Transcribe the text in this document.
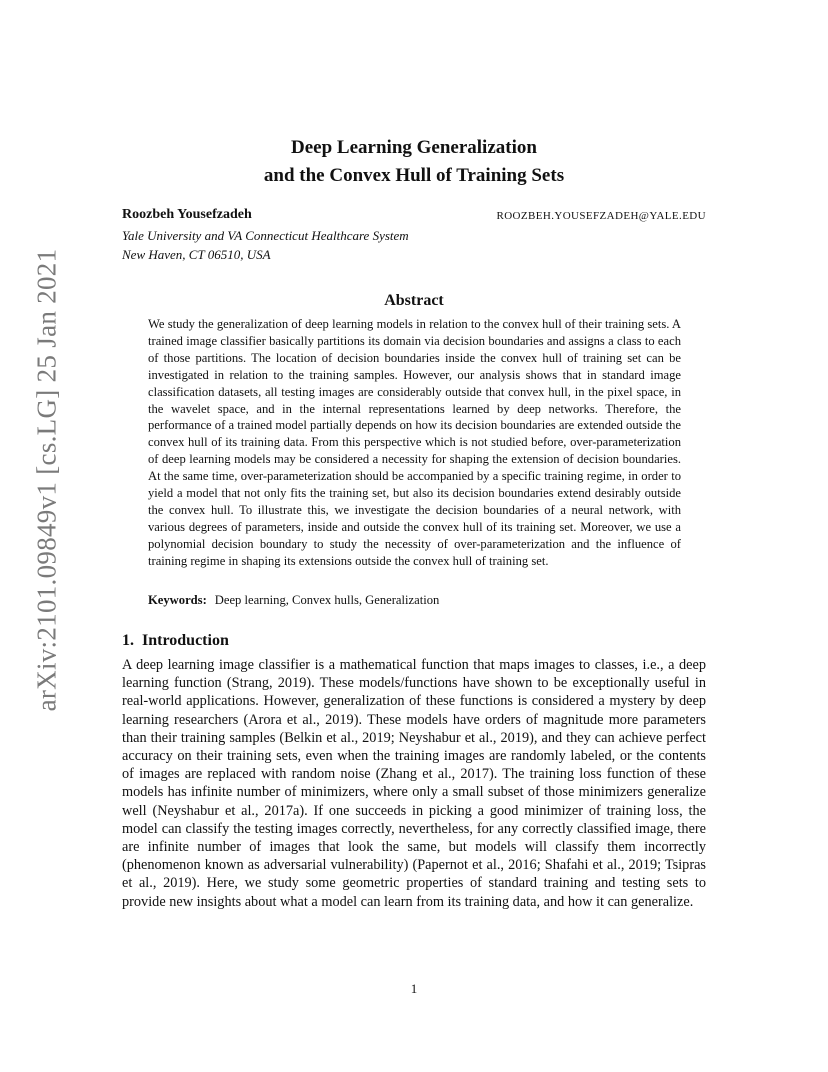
arXiv:2101.09849v1 [cs.LG] 25 Jan 2021
Deep Learning Generalization
and the Convex Hull of Training Sets
Roozbeh Yousefzadeh	ROOZBEH.YOUSEFZADEH@YALE.EDU
Yale University and VA Connecticut Healthcare System
New Haven, CT 06510, USA
Abstract

We study the generalization of deep learning models in relation to the convex hull of their training sets. A trained image classifier basically partitions its domain via decision boundaries and assigns a class to each of those partitions. The location of decision boundaries inside the convex hull of training set can be investigated in relation to the training samples. However, our analysis shows that in standard image classification datasets, all testing images are considerably outside that convex hull, in the pixel space, in the wavelet space, and in the internal representations learned by deep networks. Therefore, the performance of a trained model partially depends on how its decision boundaries are extended outside the convex hull of its training data. From this perspective which is not studied before, over-parameterization of deep learning models may be considered a necessity for shaping the extension of decision boundaries. At the same time, over-parameterization should be accompanied by a specific training regime, in order to yield a model that not only fits the training set, but also its decision boundaries extend desirably outside the convex hull. To illustrate this, we investigate the decision boundaries of a neural network, with various degrees of parameters, inside and outside the convex hull of its training set. Moreover, we use a polynomial decision boundary to study the necessity of over-parameterization and the influence of training regime in shaping its extensions outside the convex hull of training set.

Keywords: Deep learning, Convex hulls, Generalization
1. Introduction

A deep learning image classifier is a mathematical function that maps images to classes, i.e., a deep learning function (Strang, 2019). These models/functions have shown to be exceptionally useful in real-world applications. However, generalization of these functions is considered a mystery by deep learning researchers (Arora et al., 2019). These models have orders of magnitude more parameters than their training samples (Belkin et al., 2019; Neyshabur et al., 2019), and they can achieve perfect accuracy on their training sets, even when the training images are randomly labeled, or the contents of images are replaced with random noise (Zhang et al., 2017). The training loss function of these models has infinite number of minimizers, where only a small subset of those minimizers generalize well (Neyshabur et al., 2017a). If one succeeds in picking a good minimizer of training loss, the model can classify the testing images correctly, nevertheless, for any correctly classified image, there are infinite number of images that look the same, but models will classify them incorrectly (phenomenon known as adversarial vulnerability) (Papernot et al., 2016; Shafahi et al., 2019; Tsipras et al., 2019). Here, we study some geometric properties of standard training and testing sets to provide new insights about what a model can learn from its training data, and how it can generalize.

1
